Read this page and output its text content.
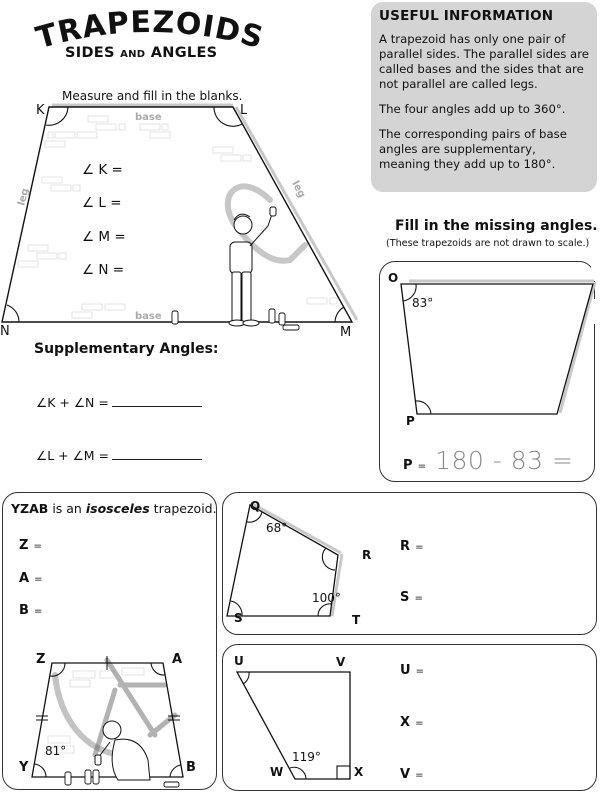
TRAPEZOIDS
SIDES AND ANGLES
Measure and fill in the blanks.
USEFUL INFORMATION

A trapezoid has only one pair of parallel sides. The parallel sides are called bases and the sides that are not parallel are called legs.

The four angles add up to 360°.

The corresponding pairs of base angles are supplementary, meaning they add up to 180°.

base
base
leg	leg
K	L
M
N
∠ K =
∠ L =
∠ M =
∠ N =
Supplementary Angles:
∠K + ∠N =
∠L + ∠M =
Fill in the missing angles.
(These trapezoids are not drawn to scale.)
O
P
83°
P = 180 - 83 =
YZAB is an isosceles trapezoid.
Z =
A =
B =
Z	A
Y	B
81°
Q
R
S	T
68°
100°
R =
S =
U	V
W	X
119°
U =
X =
V =
